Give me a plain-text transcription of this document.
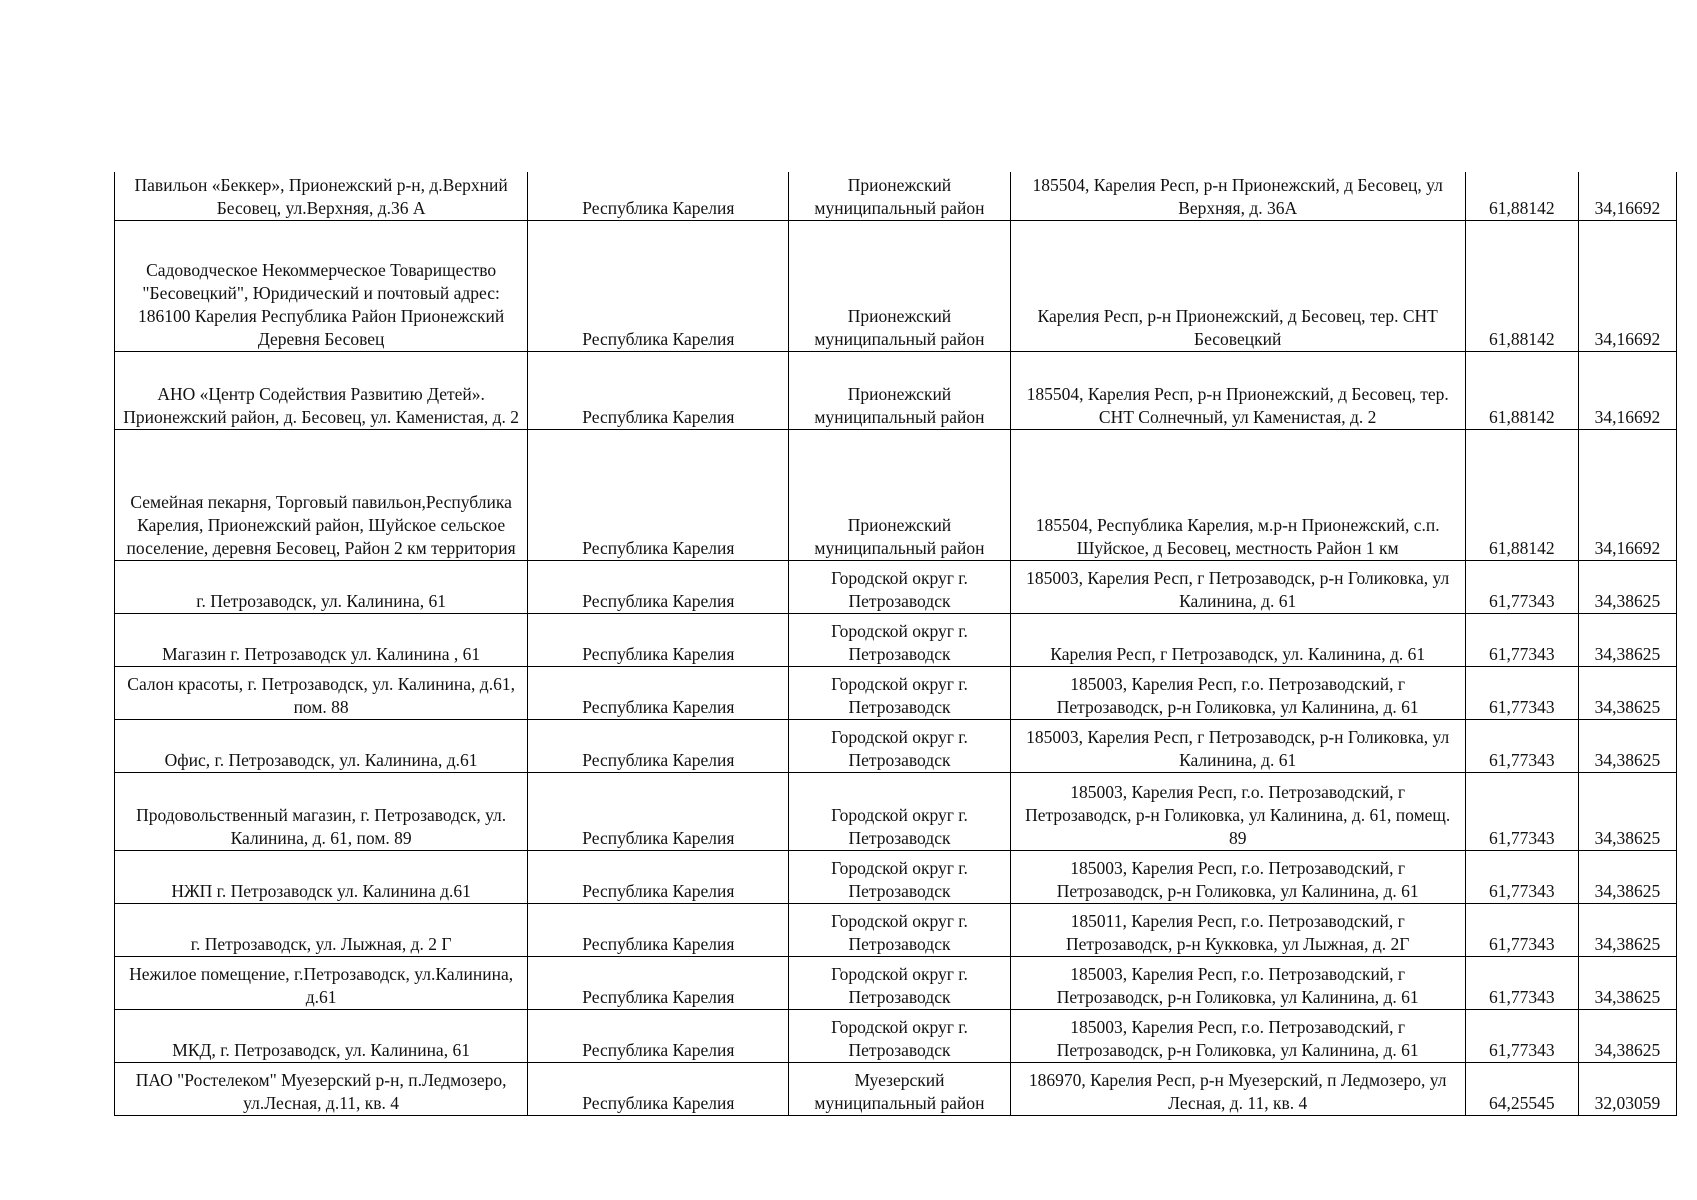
Павильон «Беккер», Прионежский р-н, д.Верхний Бесовец, ул.Верхняя, д.36 А	Республика Карелия	Прионежский муниципальный район	185504, Карелия Респ, р-н Прионежский, д Бесовец, ул Верхняя, д. 36А	61,88142	34,16692
Садоводческое Некоммерческое Товарищество "Бесовецкий", Юридический и почтовый адрес: 186100 Карелия Республика Район Прионежский Деревня Бесовец	Республика Карелия	Прионежский муниципальный район	Карелия Респ, р-н Прионежский, д Бесовец, тер. СНТ Бесовецкий	61,88142	34,16692
АНО «Центр Содействия Развитию Детей». Прионежский район, д. Бесовец, ул. Каменистая, д. 2	Республика Карелия	Прионежский муниципальный район	185504, Карелия Респ, р-н Прионежский, д Бесовец, тер. СНТ Солнечный, ул Каменистая, д. 2	61,88142	34,16692
Семейная пекарня, Торговый павильон,Республика Карелия, Прионежский район, Шуйское сельское поселение, деревня Бесовец, Район 2 км территория	Республика Карелия	Прионежский муниципальный район	185504, Республика Карелия, м.р-н Прионежский, с.п. Шуйское, д Бесовец, местность Район 1 км	61,88142	34,16692
г. Петрозаводск, ул. Калинина, 61	Республика Карелия	Городской округ г. Петрозаводск	185003, Карелия Респ, г Петрозаводск, р-н Голиковка, ул Калинина, д. 61	61,77343	34,38625
Магазин г. Петрозаводск ул. Калинина , 61	Республика Карелия	Городской округ г. Петрозаводск	Карелия Респ, г Петрозаводск, ул. Калинина, д. 61	61,77343	34,38625
Салон красоты, г. Петрозаводск, ул. Калинина, д.61, пом. 88	Республика Карелия	Городской округ г. Петрозаводск	185003, Карелия Респ, г.о. Петрозаводский, г Петрозаводск, р-н Голиковка, ул Калинина, д. 61	61,77343	34,38625
Офис, г. Петрозаводск, ул. Калинина, д.61	Республика Карелия	Городской округ г. Петрозаводск	185003, Карелия Респ, г Петрозаводск, р-н Голиковка, ул Калинина, д. 61	61,77343	34,38625
Продовольственный магазин, г. Петрозаводск, ул. Калинина, д. 61, пом. 89	Республика Карелия	Городской округ г. Петрозаводск	185003, Карелия Респ, г.о. Петрозаводский, г Петрозаводск, р-н Голиковка, ул Калинина, д. 61, помещ. 89	61,77343	34,38625
НЖП г. Петрозаводск ул. Калинина д.61	Республика Карелия	Городской округ г. Петрозаводск	185003, Карелия Респ, г.о. Петрозаводский, г Петрозаводск, р-н Голиковка, ул Калинина, д. 61	61,77343	34,38625
г. Петрозаводск, ул. Лыжная, д. 2 Г	Республика Карелия	Городской округ г. Петрозаводск	185011, Карелия Респ, г.о. Петрозаводский, г Петрозаводск, р-н Кукковка, ул Лыжная, д. 2Г	61,77343	34,38625
Нежилое помещение, г.Петрозаводск, ул.Калинина, д.61	Республика Карелия	Городской округ г. Петрозаводск	185003, Карелия Респ, г.о. Петрозаводский, г Петрозаводск, р-н Голиковка, ул Калинина, д. 61	61,77343	34,38625
МКД, г. Петрозаводск, ул. Калинина, 61	Республика Карелия	Городской округ г. Петрозаводск	185003, Карелия Респ, г.о. Петрозаводский, г Петрозаводск, р-н Голиковка, ул Калинина, д. 61	61,77343	34,38625
ПАО "Ростелеком" Муезерский р-н, п.Ледмозеро, ул.Лесная, д.11, кв. 4	Республика Карелия	Муезерский муниципальный район	186970, Карелия Респ, р-н Муезерский, п Ледмозеро, ул Лесная, д. 11, кв. 4	64,25545	32,03059
